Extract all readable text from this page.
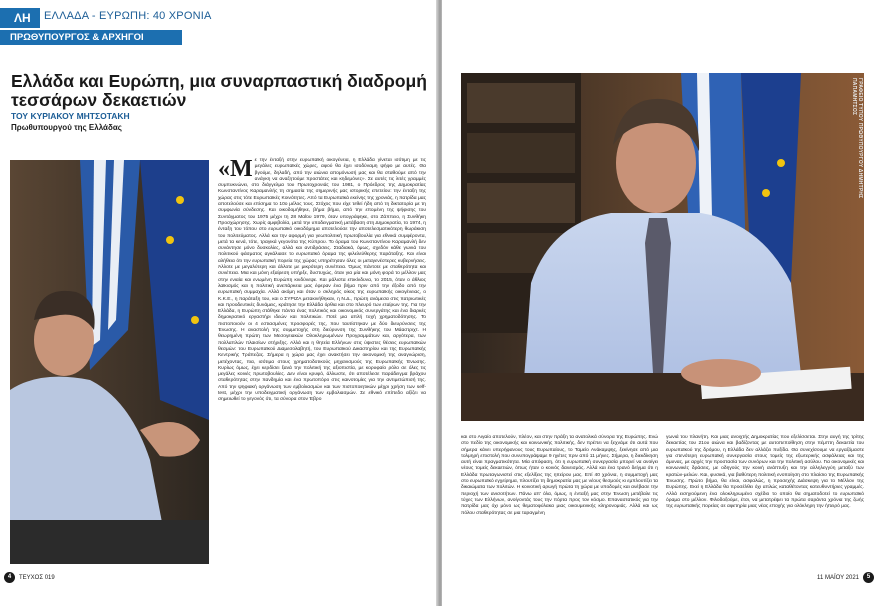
ΛΗ	ΕΛΛΑΔΑ - ΕΥΡΩΠΗ: 40 ΧΡΟΝΙΑ
ΠΡΩΘΥΠΟΥΡΓΟΣ & ΑΡΧΗΓΟΙ ΚΟΜΜΑΤΩΝ
Ελλάδα και Ευρώπη, μια συναρπαστική διαδρομή τεσσάρων δεκαετιών
ΤΟΥ ΚΥΡΙΑΚΟΥ ΜΗΤΣΟΤΑΚΗ
Πρωθυπουργού της Ελλάδας
«Μ ε την ένταξή στην ευρωπαϊκή οικογένεια, η Ελλάδα γίνεται ισότιμη με τις μεγάλες ευρωπαϊκές χώρες, αφού θα έχει ισοδύναμη ψήφο με αυτές. Θα βγούμε, δηλαδή, από την αιώνια απομόνωσή μας και θα σταθούμε από την ανάγκη να αναζητούμε προστάτες και κηδεμόνες». Σε αυτές τις λιτές γραμμές συμπυκνώνει, στο διάγγελμα του Πρωτοχρονιάς του 1981, ο Πρόεδρος της Δημοκρατίας Κωνσταντίνος Καραμανλής τη σημασία της σημερινής μας ιστορικής επετείου: την ένταξη της χώρας στις τότε Ευρωπαϊκές Κοινότητες. Από τα Ευρωπαϊκά εκείνης της χρονιάς, η πατρίδα μας αποτελούσε και επίσημα το 10ο μέλος τους. Στόχος που είχε τεθεί ήδη από τη δικτατορία με τη συμφωνία σύνδεσης. Και οικοδομήθηκε, βήμα βήμα, από την επομένη της ψήφισης του Συντάγματος του 1975 μέχρι τη 28 Μαΐου 1979, όταν υπογράφηκε, στο Ζάππειο, η Συνθήκη Προσχώρησης. Χωρίς αμφιβολία, μετά την υποδειγματική μετάβαση στη Δημοκρατία, το 1974, η ένταξη του τόπου στο ευρωπαϊκό οικοδόμημα αποτελούσε την αποτελεσματικότερη θωράκιση του πολιτεύματος. Αλλά και την αφορμή για γεωπολιτική πρωτοβουλία για εθνικά συμφέροντα, μετά τα κενά, τότε, τραγικά γεγονότα της Κύπρου. Το όραμα του Κωνσταντίνου Καραμανλή δεν συνάντησε μόνο δυσκολίες, αλλά και αντιδράσεις. Σταδιακά, όμως, σχεδόν κάθε γωνιά του πολιτικού φάσματος αγκάλιασε το ευρωπαϊκό όραμα της φιλελεύθερης παράταξης. Και είναι αλήθεια ότι την ευρωπαϊκή πορεία της χώρας υπηρέτησαν όλες οι μεταγενέστερες κυβερνήσεις. Άλλοτε με μεγαλύτερη και άλλοτε με μικρότερη συνέπεια. Όμως πάντοτε με σταθερότητα και συνέπεια. Μια και μόνη εξαίρεση υπήρξε, δυστυχώς, όταν για μία και μόνη φορά το μέλλον μας στην ενιαία και ενωμένη Ευρώπη κινδύνεψε. Και μάλιστα επικίνδυνα, το 2015, όταν ο άθλιος λαϊκισμός και η πολιτική ανεπάρκεια μας έφεραν ένα βήμα πριν από την έξοδο από την ευρωπαϊκή συμμαχία. Αλλά ακόμη και όταν ο σκληρός οίκος της ευρωπαϊκής οικογένειας, ο Κ.Κ.Ε., η παράταξη του, και ο ΣΥΡΙΖΑ μετακινήθηκαν, η Ν.Δ., πρώτη ανάμεσα στις πατριωτικές και προοδευτικές δυνάμεις, κράτησε την Ελλάδα όρθια και στο πλευρό των εταίρων της. Για την Ελλάδα, η Ευρώπη στάθηκε πάντα ένας πολιτικός και οικονομικός συνεργάτης και ένα διαρκές δημοκρατικό εργαστήρι ιδεών και πολιτικών. Ποτέ μια απλή τυχή χρηματοδότησης. Το πιστοποιούν οι 4 εστιασμένες προσφορές της, που ταυτίστηκαν με δύο διευρύνσεις της Ένωσης. Η αναστολή της συμμετοχής στη διεύρυνση της Συνθήκης του Μάαστριχτ. Η θεωρημένη πρώτη των Μεσογειακών Ολοκληρωμένων Προγραμμάτων και, αργότερα, των πολλαπλών πλαισίων στήριξης. Αλλά και η θητεία Ελλήνων στις ύψιστες θέσεις ευρωπαϊκών θεσμών: του Ευρωπαϊκού Διαμεσολαβητή, του Ευρωπαϊκού Δικαστηρίου και της Ευρωπαϊκής Κεντρικής Τράπεζας. Σήμερα η χώρα μας έχει ανακτήσει την οικονομική της αναγνώριση, μετέχοντας, πια, ισότιμα στους χρηματοδοτικούς μηχανισμούς της Ευρωπαϊκής Ένωσης. Κυρίως όμως, έχει κερδίσει ξανά την πολιτική της αξιοπιστία, με κορυφαίο ρόλο σε όλες τις μεγάλες κοινές πρωτοβουλίες. Δεν είναι κρυφό, άλλωστε, ότι αποτέλεσε παράδειγμα βράχου σταθερότητας στην πανδημία και ένα πρωτοπόρο στις καινοτομίες για την αντιμετώπισή της. Από την ψηφιακή οργάνωση των εμβολιασμών και των πιστοποιητικών μέχρι χρήση των self-test, μέχρι την υποδειγματική οργάνωση των εμβολιασμών. Σε εθνικό επίπεδο αξίζει να σημειωθεί το γεγονός ότι, τα σύνορα στον Έβρο
4	ΤΕΥΧΟΣ 019
ΓΡΑΦΕΙΟ ΤΥΠΟΥ ΠΡΩΘΥΠΟΥΡΓΟΥ ΔΗΜΗΤΡΗΣ ΠΑΠΑΜΗΤΣΟΣ
και στο Αιγαίο αποτελούν, πλέον, και στην πράξη τα ανατολικά σύνορα της Ευρώπης. Ενώ στο πεδίο της οικονομικής και κοινωνικής πολιτικής, δεν πρέπει να ξεχνάμε ότι αυτά που σήμερα κάνει υπερήφανους τους Ευρωπαίους, το Ταμείο Ανάκαμψης, ξεκίνησε από μια τολμηρή επιστολή που συνυπογράψαμε 9 ηγέτες πριν από 11 μήνες. Σήμερα, η διεκδίκηση αυτή είναι πραγματικότητα. Μία απόφαση, ότι η ευρωπαϊκή συνεργασία μπορεί να ανοίγει νέους τομείς δεκαετιών, όπως ήταν ο κοινός δανεισμός. Αλλά και ένα τρανό δείγμα ότι η Ελλάδα πρωταγωνιστεί στις εξελίξεις της ηπείρου μας. Επί 40 χρόνια, η συμμετοχή μας στο ευρωπαϊκό εγχείρημα, πλουτίζει τη δημοκρατία μας με νέους θεσμούς κι εμπλουτίζει τα δικαιώματα των πολιτών. Η κοινοτική αρωγή πρώτα τη χώρα με υποδομές και ανέβασε την περιοχή των ανισοτήτων. Πάνω απ' όλα, όμως, η ένταξή μας στην Ένωση μετέβαλε τις τύχες των Ελλήνων, ανοίγοντάς τους την πόρτα προς τον κόσμο. Επαναστατικός για την πατρίδα μας όχι μόνο ως θεματοφύλακα μιας οικουμενικής κληρονομιάς. Αλλά και ως πόλου σταθερότητας σε μια ταραγμένη
γωνιά του πλανήτη. Και μιας ανοιχτής Δημοκρατίας που εξελίσσεται. Στην αυγή της τρίτης δεκαετίας του 21ου αιώνα και βαδίζοντας με αυτοπεποίθηση στην πέμπτη δεκαετία του ευρωπαϊκού της δρόμου, η Ελλάδα δεν αλλάζει πυξίδα. Θα συνεχίσουμε να εργαζόμαστε για στενότερη ευρωπαϊκή συνεργασία στους τομείς της εξωτερικής ασφάλειας και της άμυνας, με αρχές την προστασία των συνόρων και την πολιτική ασύλου. Για οικονομικές και κοινωνικές δράσεις, με οδηγούς την κοινή ανάπτυξη και την αλληλεγγύη μεταξύ των κρατών-μελών. Και, φυσικά, για βαθύτερη πολιτική ενοποίηση στο πλαίσιο της Ευρωπαϊκής Ένωσης. Πρώτο βήμα, θα είναι, ασφαλώς, η προσεχής Διάσκεψη για το Μέλλον της Ευρώπης. Εκεί η Ελλάδα θα προσέλθει όχι απλώς καταθέτοντας κατευθυντήριες γραμμές. Αλλά εισηγούμενη ένα ολοκληρωμένο σχέδιο το οποίο θα σηματοδοτεί το ευρωπαϊκό όραμα στο μέλλον. Φιλοδοξούμε, έτσι, να μετατρέψει τα πρώτα σαράντα χρόνια της ζωής της ευρωπαϊκής πορείας σε αφετηρία μιας νέας εποχής για ολόκληρη την ήπειρό μας.
11 ΜΑΪΟΥ 2021	5
